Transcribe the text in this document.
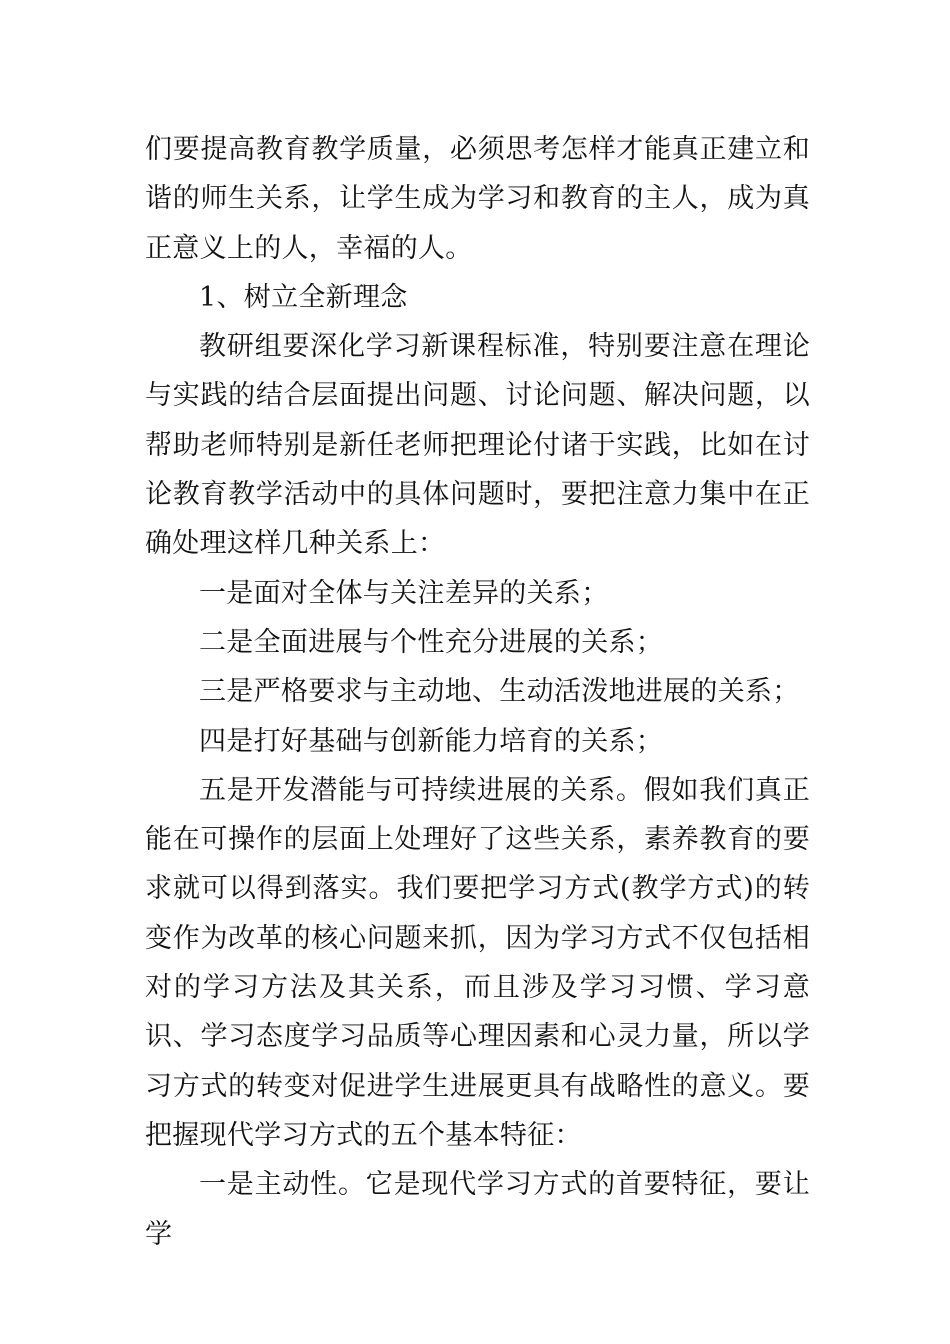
们要提高教育教学质量，必须思考怎样才能真正建立和谐的师生关系，让学生成为学习和教育的主人，成为真正意义上的人，幸福的人。

1、树立全新理念

教研组要深化学习新课程标准，特别要注意在理论与实践的结合层面提出问题、讨论问题、解决问题，以帮助老师特别是新任老师把理论付诸于实践，比如在讨论教育教学活动中的具体问题时，要把注意力集中在正确处理这样几种关系上：

一是面对全体与关注差异的关系；

二是全面进展与个性充分进展的关系；

三是严格要求与主动地、生动活泼地进展的关系；

四是打好基础与创新能力培育的关系；

五是开发潜能与可持续进展的关系。假如我们真正能在可操作的层面上处理好了这些关系，素养教育的要求就可以得到落实。我们要把学习方式(教学方式)的转变作为改革的核心问题来抓，因为学习方式不仅包括相对的学习方法及其关系，而且涉及学习习惯、学习意识、学习态度学习品质等心理因素和心灵力量，所以学习方式的转变对促进学生进展更具有战略性的意义。要把握现代学习方式的五个基本特征：

一是主动性。它是现代学习方式的首要特征，要让学
